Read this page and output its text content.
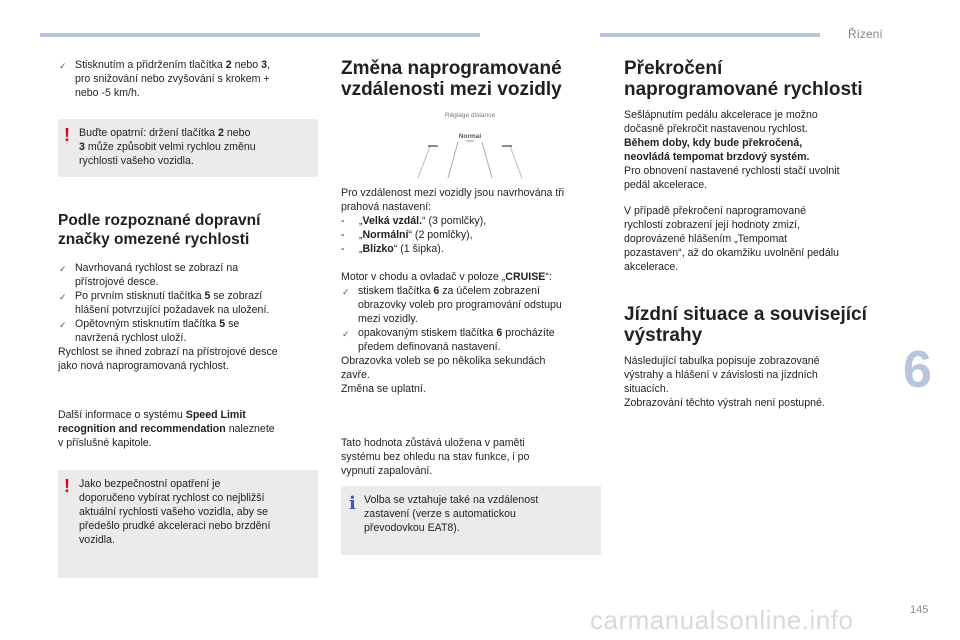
Řízení
6
145
carmanualsonline.info
✓ Stisknutím a přidržením tlačítka 2 nebo 3,
pro snižování nebo zvyšování s krokem +
nebo -5 km/h.
! Buďte opatrní: držení tlačítka 2 nebo
3 může způsobit velmi rychlou změnu
rychlosti vašeho vozidla.
Podle rozpoznané dopravní
značky omezené rychlosti
✓
✓
✓
Navrhovaná rychlost se zobrazí na
přístrojové desce.
Po prvním stisknutí tlačítka 5 se zobrazí
hlášení potvrzující požadavek na uložení.
Opětovným stisknutím tlačítka 5 se
navržená rychlost uloží.
Rychlost se ihned zobrazí na přístrojové desce
jako nová naprogramovaná rychlost.
Další informace o systému Speed Limit
recognition and recommendation naleznete
v příslušné kapitole.
! Jako bezpečnostní opatření je
doporučeno vybírat rychlost co nejbližší
aktuální rychlosti vašeho vozidla, aby se
předešlo prudké akceleraci nebo brzdění
vozidla.
Změna naprogramované
vzdálenosti mezi vozidly
Réglage distance
Normal
Pro vzdálenost mezi vozidly jsou navrhována tři
prahová nastavení:
- „Velká vzdál.“ (3 pomlčky),
- „Normální“ (2 pomlčky),
- „Blízko“ (1 šipka).
Motor v chodu a ovladač v poloze „CRUISE“:
✓
✓
stiskem tlačítka 6 za účelem zobrazení
obrazovky voleb pro programování odstupu
mezi vozidly.
opakovaným stiskem tlačítka 6 procházíte
předem definovaná nastavení.
Obrazovka voleb se po několika sekundách
zavře.
Změna se uplatní.
Tato hodnota zůstává uložena v paměti
systému bez ohledu na stav funkce, i po
vypnutí zapalování.
i Volba se vztahuje také na vzdálenost
zastavení (verze s automatickou
převodovkou EAT8).
Překročení
naprogramované rychlosti
Sešlápnutím pedálu akcelerace je možno
dočasně překročit nastavenou rychlost.
Během doby, kdy bude překročená,
neovládá tempomat brzdový systém.
Pro obnovení nastavené rychlosti stačí uvolnit
pedál akcelerace.
V případě překročení naprogramované
rychlosti zobrazení její hodnoty zmizí,
doprovázené hlášením „Tempomat
pozastaven“, až do okamžiku uvolnění pedálu
akcelerace.
Jízdní situace a související
výstrahy
Následující tabulka popisuje zobrazované
výstrahy a hlášení v závislosti na jízdních
situacích.
Zobrazování těchto výstrah není postupné.
